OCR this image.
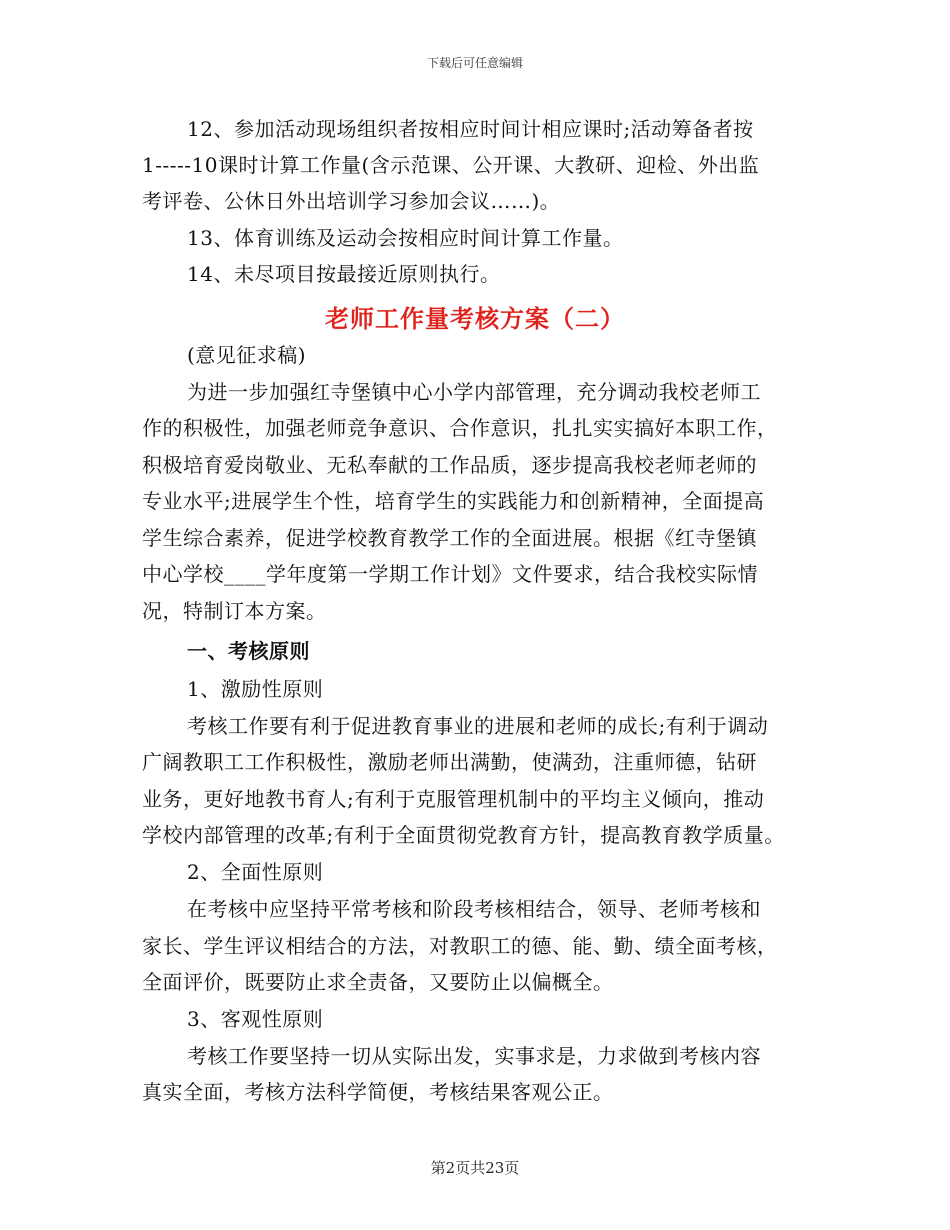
下载后可任意编辑
12、参加活动现场组织者按相应时间计相应课时;活动筹备者按
1-----10课时计算工作量(含示范课、公开课、大教研、迎检、外出监
考评卷、公休日外出培训学习参加会议……)。
13、体育训练及运动会按相应时间计算工作量。
14、未尽项目按最接近原则执行。
老师工作量考核方案（二）
(意见征求稿)
为进一步加强红寺堡镇中心小学内部管理，充分调动我校老师工
作的积极性，加强老师竞争意识、合作意识，扎扎实实搞好本职工作，
积极培育爱岗敬业、无私奉献的工作品质，逐步提高我校老师老师的
专业水平;进展学生个性，培育学生的实践能力和创新精神，全面提高
学生综合素养，促进学校教育教学工作的全面进展。根据《红寺堡镇
中心学校____学年度第一学期工作计划》文件要求，结合我校实际情
况，特制订本方案。
一、考核原则
1、激励性原则
考核工作要有利于促进教育事业的进展和老师的成长;有利于调动
广阔教职工工作积极性，激励老师出满勤，使满劲，注重师德，钻研
业务，更好地教书育人;有利于克服管理机制中的平均主义倾向，推动
学校内部管理的改革;有利于全面贯彻党教育方针，提高教育教学质量。
2、全面性原则
在考核中应坚持平常考核和阶段考核相结合，领导、老师考核和
家长、学生评议相结合的方法，对教职工的德、能、勤、绩全面考核，
全面评价，既要防止求全责备，又要防止以偏概全。
3、客观性原则
考核工作要坚持一切从实际出发，实事求是，力求做到考核内容
真实全面，考核方法科学简便，考核结果客观公正。
第2页共23页
